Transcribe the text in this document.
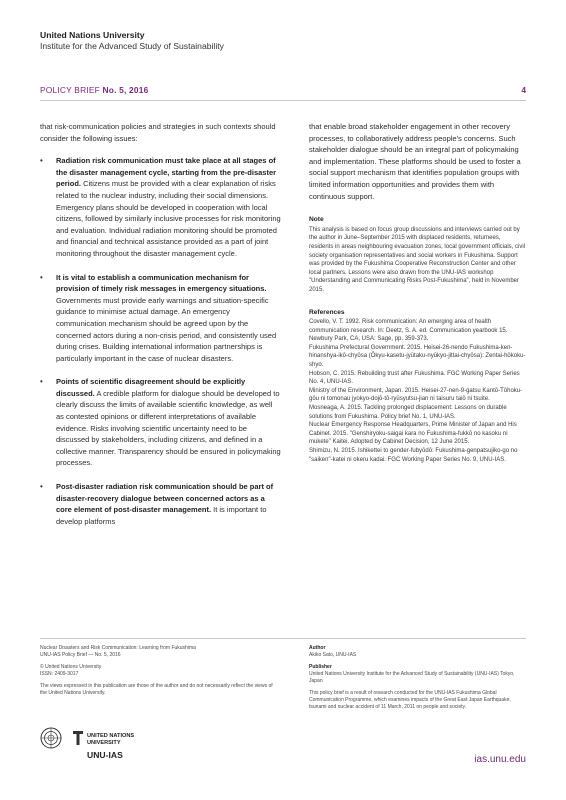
United Nations University
Institute for the Advanced Study of Sustainability
POLICY BRIEF No. 5, 2016	4

that risk-communication policies and strategies in such contexts should consider the following issues:

• Radiation risk communication must take place at all stages of the disaster management cycle, starting from the pre-disaster period. Citizens must be provided with a clear explanation of risks related to the nuclear industry, including their social dimensions. Emergency plans should be developed in cooperation with local citizens, followed by similarly inclusive processes for risk monitoring and evaluation. Individual radiation monitoring should be promoted and financial and technical assistance provided as a part of joint monitoring throughout the disaster management cycle.
• It is vital to establish a communication mechanism for provision of timely risk messages in emergency situations. Governments must provide early warnings and situation-specific guidance to minimise actual damage. An emergency communication mechanism should be agreed upon by the concerned actors during a non-crisis period, and consistently used during crises. Building international information partnerships is particularly important in the case of nuclear disasters.
• Points of scientific disagreement should be explicitly discussed. A credible platform for dialogue should be developed to clearly discuss the limits of available scientific knowledge, as well as contested opinions or different interpretations of available evidence. Risks involving scientific uncertainty need to be discussed by stakeholders, including citizens, and defined in a collective manner. Transparency should be ensured in policymaking processes.
• Post-disaster radiation risk communication should be part of disaster-recovery dialogue between concerned actors as a core element of post-disaster management. It is important to develop platforms

that enable broad stakeholder engagement in other recovery processes, to collaboratively address people's concerns. Such stakeholder dialogue should be an integral part of policymaking and implementation. These platforms should be used to foster a social support mechanism that identifies population groups with limited information opportunities and provides them with continuous support.

Note

This analysis is based on focus group discussions and interviews carried out by the author in June–September 2015 with displaced residents, returnees, residents in areas neighbouring evacuation zones, local government officials, civil society organisation representatives and social workers in Fukushima. Support was provided by the Fukushima Cooperative Reconstruction Center and other local partners. Lessons were also drawn from the UNU-IAS workshop "Understanding and Communicating Risks Post-Fukushima", held in November 2015.

References

Covello, V. T. 1992. Risk communication: An emerging area of health communication research. In: Deetz, S. A. ed. Communication yearbook 15. Newbury Park, CA, USA: Sage, pp. 359-373.

Fukushima Prefectural Government. 2015. Heisei-26-nendo Fukushima-ken-hinanshya-ikō-chyōsa (Ōkyu-kasetu-jyūtaku-nyūkyo-jittai-chyōsa): Zentai-hōkoku-shyo.

Hobson, C. 2015. Rebuilding trust after Fukushima. FGC Working Paper Series No. 4, UNU-IAS.

Ministry of the Environment, Japan. 2015. Heisei-27-nen-9-gatsu Kantō-Tōhoku-gōu ni tomonau jyokyo-dojō-tō-ryūsyutsu-jian ni taisuru taiō ni tsuite.

Mosneaga, A. 2015. Tackling prolonged displacement: Lessons on durable solutions from Fukushima. Policy brief No. 1, UNU-IAS.

Nuclear Emergency Response Headquarters, Prime Minister of Japan and His Cabinet. 2015. "Genshiryoku-saigai kara no Fukushima-fukkō no kasoku ni mukete" Kaitei. Adopted by Cabinet Decision, 12 June 2015.

Shimizu, N. 2015. Ishikettei to gender-fubyōdō: Fukushima-genpatsujiko-go no "saiken"-katei ni okeru kadai. FGC Working Paper Series No. 9, UNU-IAS.

Nuclear Disasters and Risk Communication: Learning from Fukushima
UNU-IAS Policy Brief — No. 5, 2016

© United Nations University
ISSN: 2409-3017

The views expressed in this publication are those of the author and do not necessarily reflect the views of the United Nations University.

Author

Akiko Sato, UNU-IAS

Publisher

United Nations University Institute for the Advanced Study of Sustainability (UNU-IAS) Tokyo, Japan

This policy brief is a result of research conducted for the UNU-IAS Fukushima Global Communication Programme, which examines impacts of the Great East Japan Earthquake, tsunami and nuclear accident of 11 March, 2011 on people and society.

UNITED NATIONS
UNIVERSITY
UNU-IAS	ias.unu.edu
